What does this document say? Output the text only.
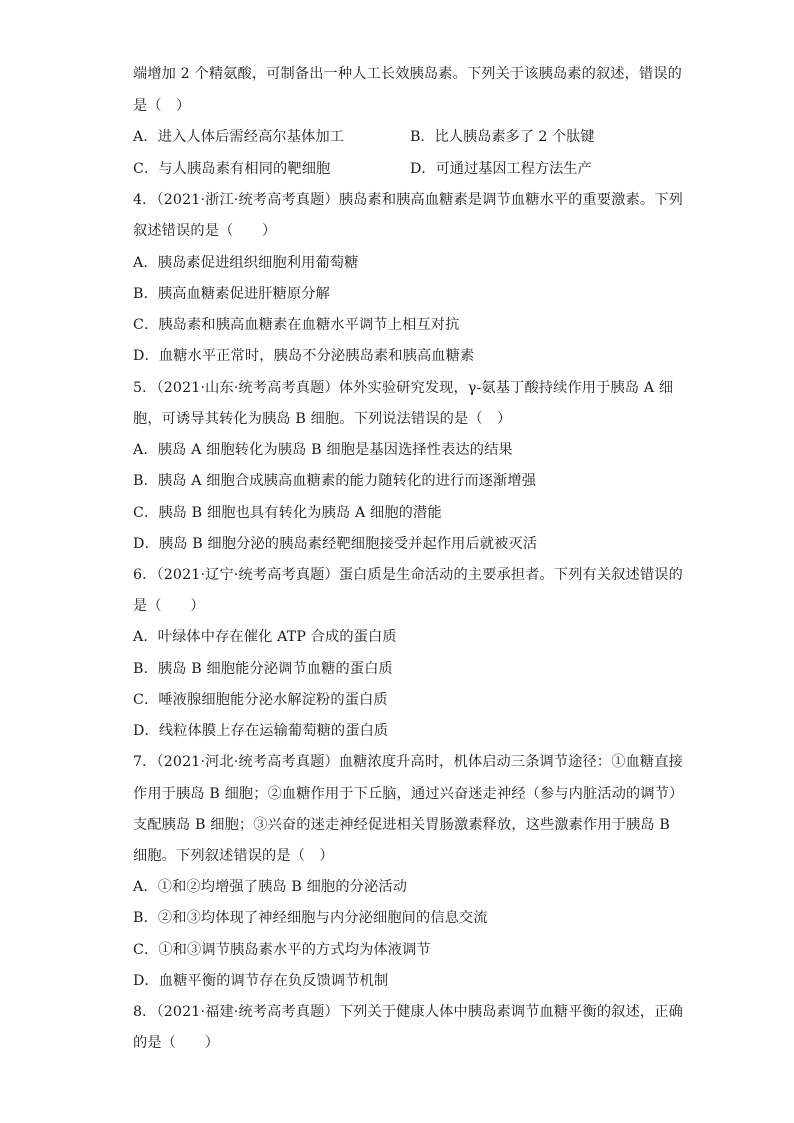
端增加 2 个精氨酸，可制备出一种人工长效胰岛素。下列关于该胰岛素的叙述，错误的
是（　）
A．进入人体后需经高尔基体加工	B．比人胰岛素多了 2 个肽键
C．与人胰岛素有相同的靶细胞	D．可通过基因工程方法生产
4．（2021·浙江·统考高考真题）胰岛素和胰高血糖素是调节血糖水平的重要激素。下列
叙述错误的是（　　）
A．胰岛素促进组织细胞利用葡萄糖
B．胰高血糖素促进肝糖原分解
C．胰岛素和胰高血糖素在血糖水平调节上相互对抗
D．血糖水平正常时，胰岛不分泌胰岛素和胰高血糖素
5．（2021·山东·统考高考真题）体外实验研究发现，γ-氨基丁酸持续作用于胰岛 A 细
胞，可诱导其转化为胰岛 B 细胞。下列说法错误的是（　）
A．胰岛 A 细胞转化为胰岛 B 细胞是基因选择性表达的结果
B．胰岛 A 细胞合成胰高血糖素的能力随转化的进行而逐渐增强
C．胰岛 B 细胞也具有转化为胰岛 A 细胞的潜能
D．胰岛 B 细胞分泌的胰岛素经靶细胞接受并起作用后就被灭活
6．（2021·辽宁·统考高考真题）蛋白质是生命活动的主要承担者。下列有关叙述错误的
是（　　）
A．叶绿体中存在催化 ATP 合成的蛋白质
B．胰岛 B 细胞能分泌调节血糖的蛋白质
C．唾液腺细胞能分泌水解淀粉的蛋白质
D．线粒体膜上存在运输葡萄糖的蛋白质
7．（2021·河北·统考高考真题）血糖浓度升高时，机体启动三条调节途径：①血糖直接
作用于胰岛 B 细胞；②血糖作用于下丘脑，通过兴奋迷走神经（参与内脏活动的调节）
支配胰岛 B 细胞；③兴奋的迷走神经促进相关胃肠激素释放，这些激素作用于胰岛 B
细胞。下列叙述错误的是（　）
A．①和②均增强了胰岛 B 细胞的分泌活动
B．②和③均体现了神经细胞与内分泌细胞间的信息交流
C．①和③调节胰岛素水平的方式均为体液调节
D．血糖平衡的调节存在负反馈调节机制
8．（2021·福建·统考高考真题）下列关于健康人体中胰岛素调节血糖平衡的叙述，正确
的是（　　）
